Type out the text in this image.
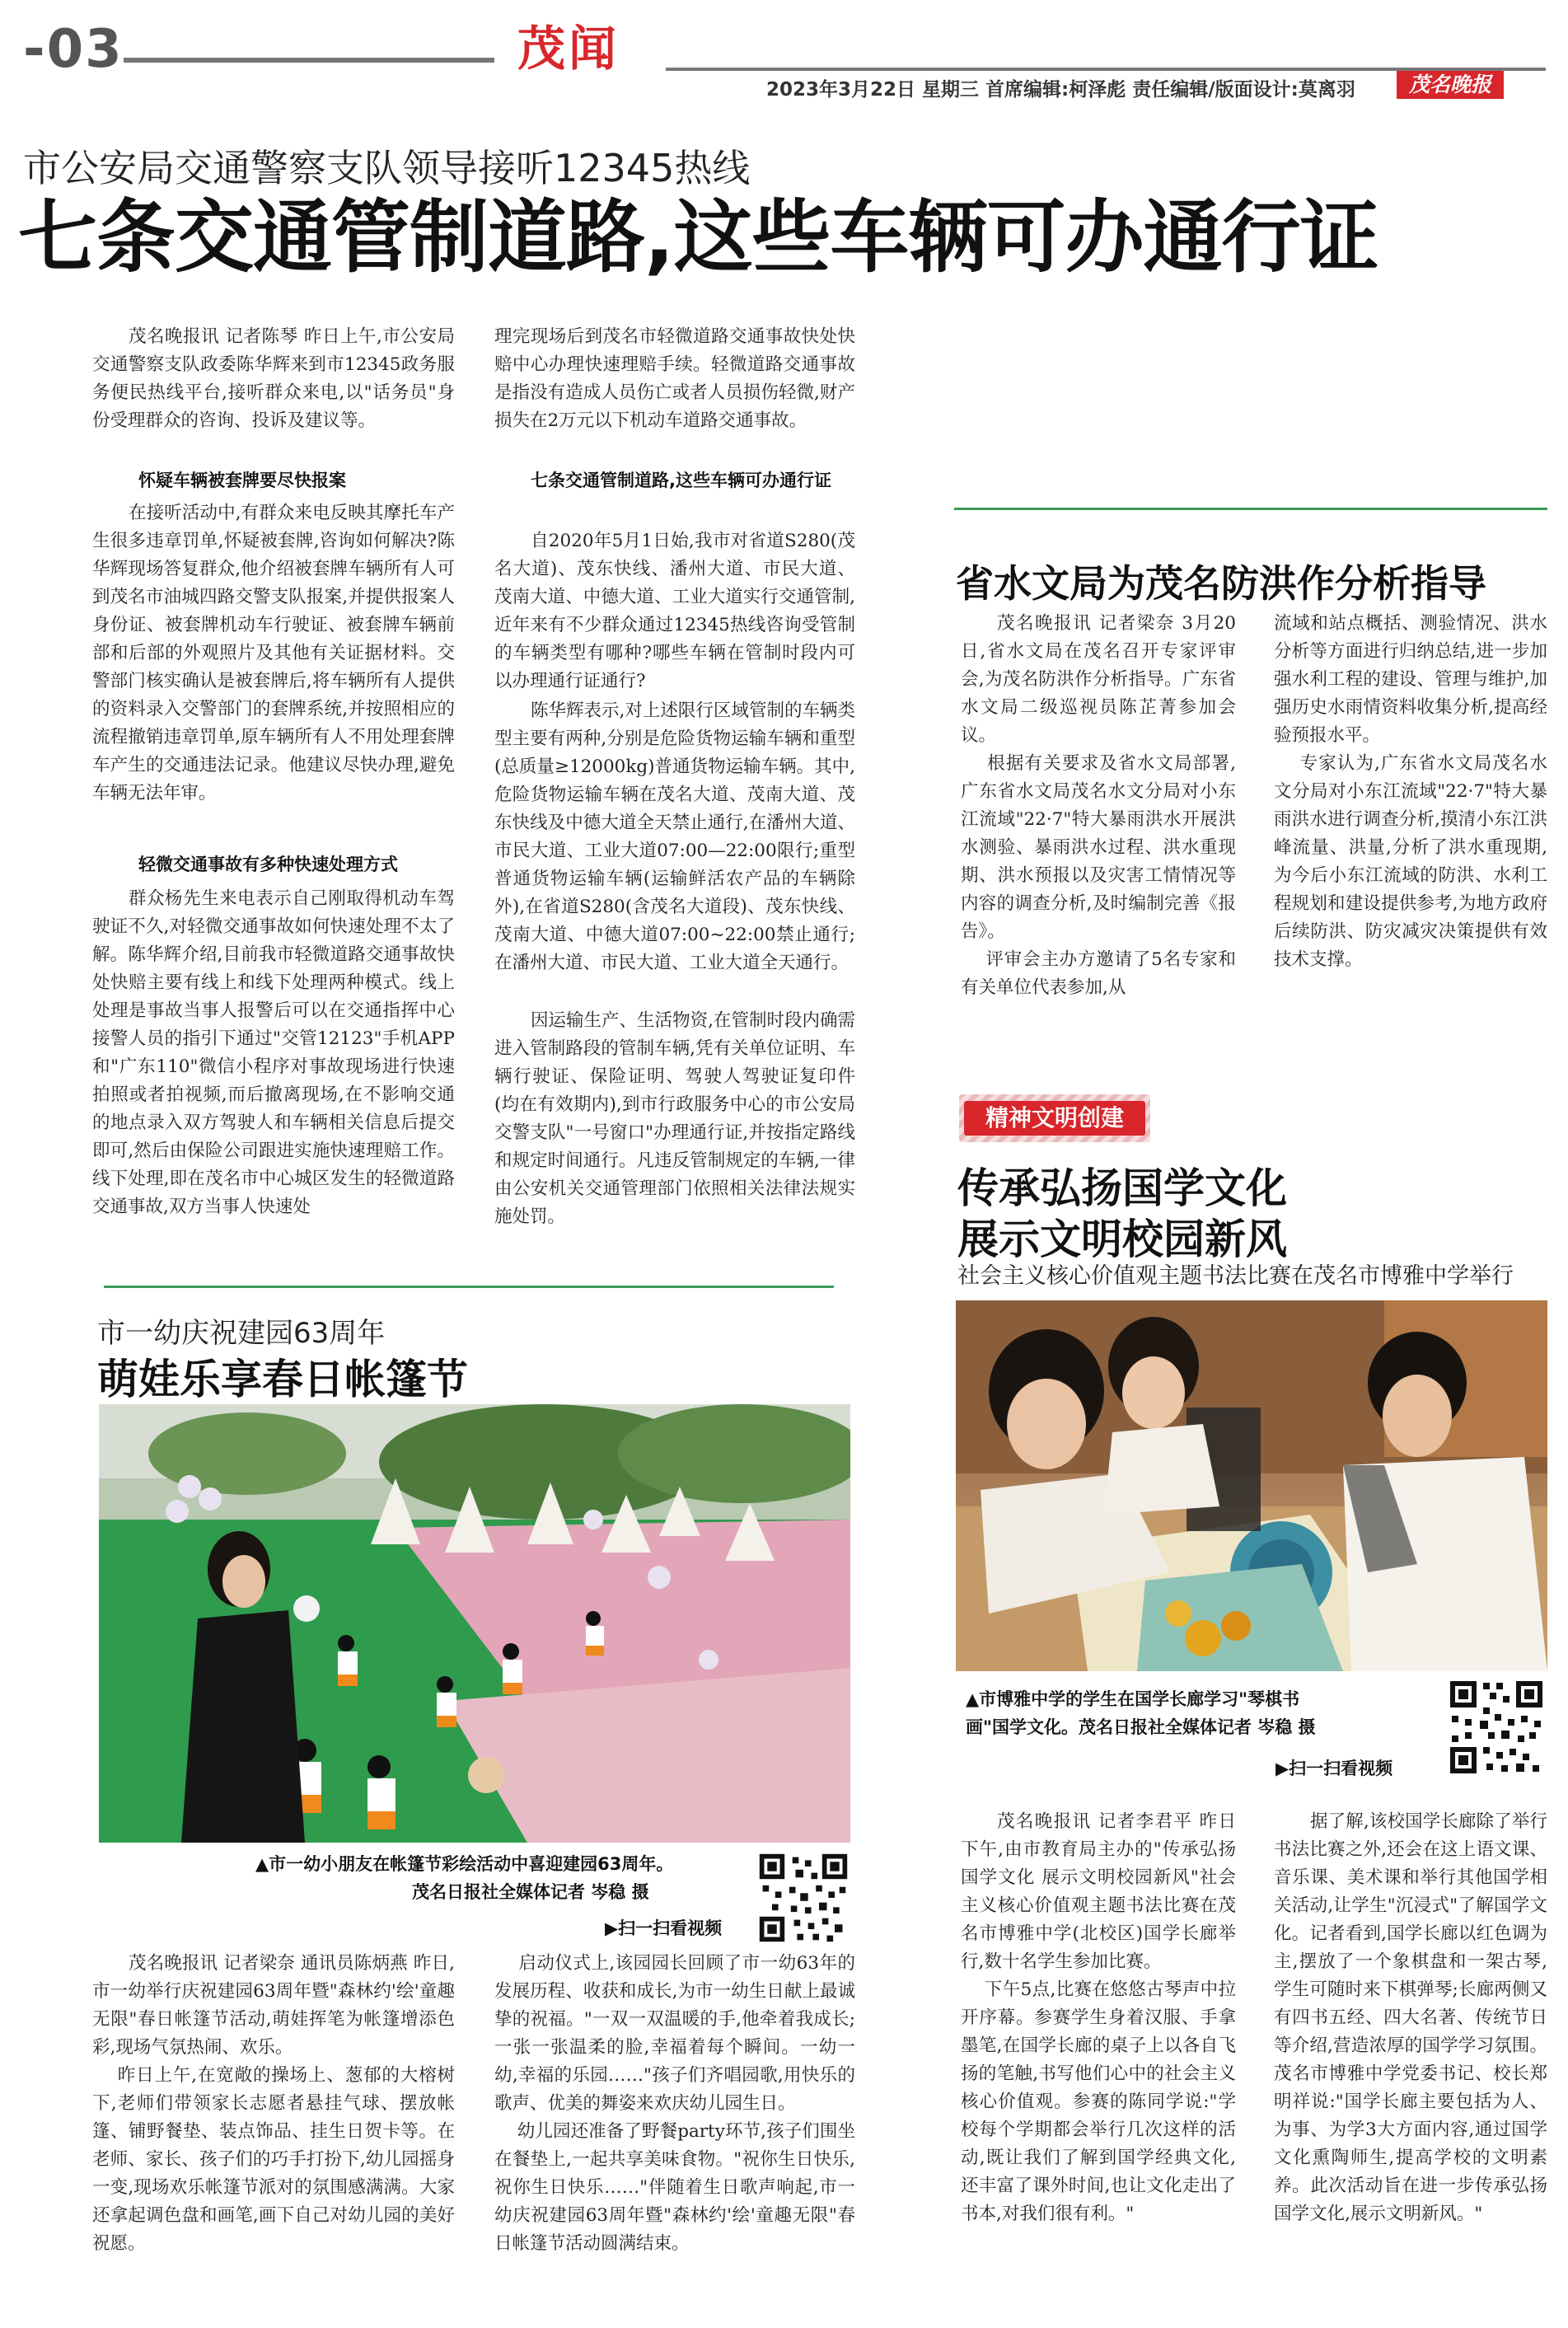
-03	茂闻
2023年3月22日 星期三 首席编辑:柯泽彪 责任编辑/版面设计:莫离羽	茂名晚报
市公安局交通警察支队领导接听12345热线
七条交通管制道路,这些车辆可办通行证
茂名晚报讯 记者陈琴 昨日上午,市公安局交通警察支队政委陈华辉来到市12345政务服务便民热线平台,接听群众来电,以"话务员"身份受理群众的咨询、投诉及建议等。
怀疑车辆被套牌要尽快报案
在接听活动中,有群众来电反映其摩托车产生很多违章罚单,怀疑被套牌,咨询如何解决?陈华辉现场答复群众,他介绍被套牌车辆所有人可到茂名市油城四路交警支队报案,并提供报案人身份证、被套牌机动车行驶证、被套牌车辆前部和后部的外观照片及其他有关证据材料。交警部门核实确认是被套牌后,将车辆所有人提供的资料录入交警部门的套牌系统,并按照相应的流程撤销违章罚单,原车辆所有人不用处理套牌车产生的交通违法记录。他建议尽快办理,避免车辆无法年审。
轻微交通事故有多种快速处理方式
群众杨先生来电表示自己刚取得机动车驾驶证不久,对轻微交通事故如何快速处理不太了解。陈华辉介绍,目前我市轻微道路交通事故快处快赔主要有线上和线下处理两种模式。线上处理是事故当事人报警后可以在交通指挥中心接警人员的指引下通过"交管12123"手机APP和"广东110"微信小程序对事故现场进行快速拍照或者拍视频,而后撤离现场,在不影响交通的地点录入双方驾驶人和车辆相关信息后提交即可,然后由保险公司跟进实施快速理赔工作。线下处理,即在茂名市中心城区发生的轻微道路交通事故,双方当事人快速处
理完现场后到茂名市轻微道路交通事故快处快赔中心办理快速理赔手续。轻微道路交通事故是指没有造成人员伤亡或者人员损伤轻微,财产损失在2万元以下机动车道路交通事故。
七条交通管制道路,这些车辆可办通行证
自2020年5月1日始,我市对省道S280(茂名大道)、茂东快线、潘州大道、市民大道、茂南大道、中德大道、工业大道实行交通管制,近年来有不少群众通过12345热线咨询受管制的车辆类型有哪种?哪些车辆在管制时段内可以办理通行证通行?
陈华辉表示,对上述限行区域管制的车辆类型主要有两种,分别是危险货物运输车辆和重型(总质量≥12000kg)普通货物运输车辆。其中,危险货物运输车辆在茂名大道、茂南大道、茂东快线及中德大道全天禁止通行,在潘州大道、市民大道、工业大道07:00—22:00限行;重型普通货物运输车辆(运输鲜活农产品的车辆除外),在省道S280(含茂名大道段)、茂东快线、茂南大道、中德大道07:00~22:00禁止通行;在潘州大道、市民大道、工业大道全天通行。
因运输生产、生活物资,在管制时段内确需进入管制路段的管制车辆,凭有关单位证明、车辆行驶证、保险证明、驾驶人驾驶证复印件(均在有效期内),到市行政服务中心的市公安局交警支队"一号窗口"办理通行证,并按指定路线和规定时间通行。凡违反管制规定的车辆,一律由公安机关交通管理部门依照相关法律法规实施处罚。
省水文局为茂名防洪作分析指导
茂名晚报讯 记者梁奈 3月20日,省水文局在茂名召开专家评审会,为茂名防洪作分析指导。广东省水文局二级巡视员陈芷菁参加会议。
根据有关要求及省水文局部署,广东省水文局茂名水文分局对小东江流域"22·7"特大暴雨洪水开展洪水测验、暴雨洪水过程、洪水重现期、洪水预报以及灾害工情情况等内容的调查分析,及时编制完善《报告》。
评审会主办方邀请了5名专家和有关单位代表参加,从
流域和站点概括、测验情况、洪水分析等方面进行归纳总结,进一步加强水利工程的建设、管理与维护,加强历史水雨情资料收集分析,提高经验预报水平。
专家认为,广东省水文局茂名水文分局对小东江流域"22·7"特大暴雨洪水进行调查分析,摸清小东江洪峰流量、洪量,分析了洪水重现期,为今后小东江流域的防洪、水利工程规划和建设提供参考,为地方政府后续防洪、防灾减灾决策提供有效技术支撑。
精神文明创建
传承弘扬国学文化
展示文明校园新风
社会主义核心价值观主题书法比赛在茂名市博雅中学举行
▲市博雅中学的学生在国学长廊学习"琴棋书
画"国学文化。茂名日报社全媒体记者 岑稳 摄
▶扫一扫看视频
茂名晚报讯 记者李君平 昨日下午,由市教育局主办的"传承弘扬国学文化 展示文明校园新风"社会主义核心价值观主题书法比赛在茂名市博雅中学(北校区)国学长廊举行,数十名学生参加比赛。
下午5点,比赛在悠悠古琴声中拉开序幕。参赛学生身着汉服、手拿墨笔,在国学长廊的桌子上以各自飞扬的笔触,书写他们心中的社会主义核心价值观。参赛的陈同学说:"学校每个学期都会举行几次这样的活动,既让我们了解到国学经典文化,还丰富了课外时间,也让文化走出了书本,对我们很有利。"
据了解,该校国学长廊除了举行书法比赛之外,还会在这上语文课、音乐课、美术课和举行其他国学相关活动,让学生"沉浸式"了解国学文化。记者看到,国学长廊以红色调为主,摆放了一个象棋盘和一架古琴,学生可随时来下棋弹琴;长廊两侧又有四书五经、四大名著、传统节日等介绍,营造浓厚的国学学习氛围。茂名市博雅中学党委书记、校长郑明祥说:"国学长廊主要包括为人、为事、为学3大方面内容,通过国学文化熏陶师生,提高学校的文明素养。此次活动旨在进一步传承弘扬国学文化,展示文明新风。"
市一幼庆祝建园63周年
萌娃乐享春日帐篷节
▲市一幼小朋友在帐篷节彩绘活动中喜迎建园63周年。
茂名日报社全媒体记者 岑稳 摄
▶扫一扫看视频
茂名晚报讯 记者梁奈 通讯员陈炳燕 昨日,市一幼举行庆祝建园63周年暨"森林约'绘'童趣无限"春日帐篷节活动,萌娃挥笔为帐篷增添色彩,现场气氛热闹、欢乐。
昨日上午,在宽敞的操场上、葱郁的大榕树下,老师们带领家长志愿者悬挂气球、摆放帐篷、铺野餐垫、装点饰品、挂生日贺卡等。在老师、家长、孩子们的巧手打扮下,幼儿园摇身一变,现场欢乐帐篷节派对的氛围感满满。大家还拿起调色盘和画笔,画下自己对幼儿园的美好祝愿。
启动仪式上,该园园长回顾了市一幼63年的发展历程、收获和成长,为市一幼生日献上最诚挚的祝福。"一双一双温暖的手,他牵着我成长;一张一张温柔的脸,幸福着每个瞬间。一幼一幼,幸福的乐园……"孩子们齐唱园歌,用快乐的歌声、优美的舞姿来欢庆幼儿园生日。
幼儿园还准备了野餐party环节,孩子们围坐在餐垫上,一起共享美味食物。"祝你生日快乐,祝你生日快乐……"伴随着生日歌声响起,市一幼庆祝建园63周年暨"森林约'绘'童趣无限"春日帐篷节活动圆满结束。
